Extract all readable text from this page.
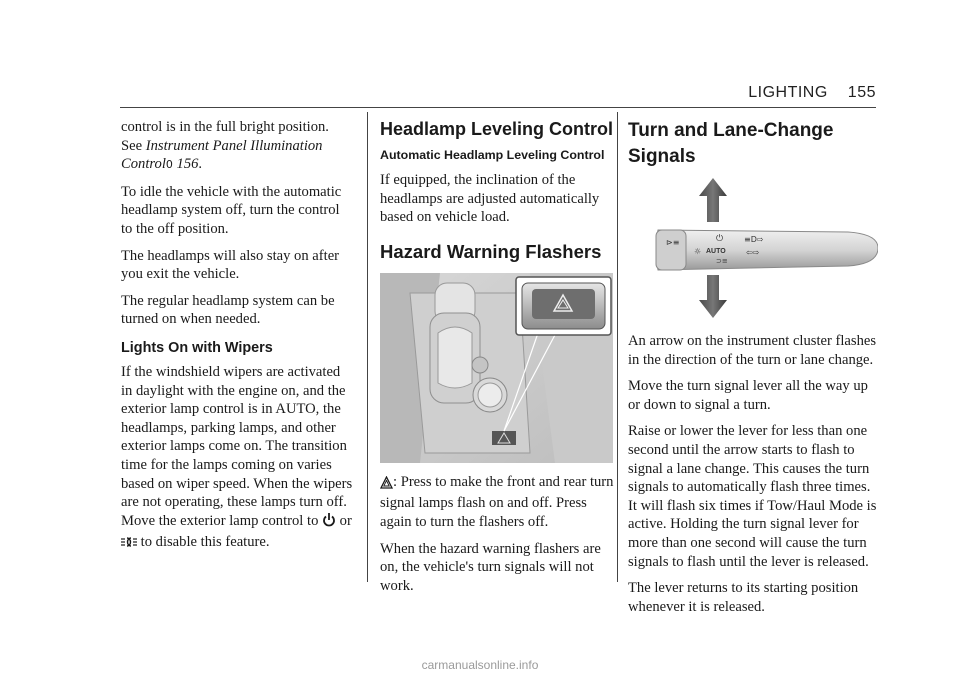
LIGHTING 155

control is in the full bright position. See Instrument Panel Illumination Control0 156.

To idle the vehicle with the automatic headlamp system off, turn the control to the off position.

The headlamps will also stay on after you exit the vehicle.

The regular headlamp system can be turned on when needed.

Lights On with Wipers

If the windshield wipers are activated in daylight with the engine on, and the exterior lamp control is in AUTO, the headlamps, parking lamps, and other exterior lamps come on. The transition time for the lamps coming on varies based on wiper speed. When the wipers are not operating, these lamps turn off. Move the exterior lamp control to  or  to disable this feature.

Headlamp Leveling Control
Automatic Headlamp Leveling Control

If equipped, the inclination of the headlamps are adjusted automatically based on vehicle load.

Hazard Warning Flashers

: Press to make the front and rear turn signal lamps flash on and off. Press again to turn the flashers off.

When the hazard warning flashers are on, the vehicle's turn signals will not work.

Turn and Lane-Change Signals
⊳≡	⏻
☼ AUTO
⊃≡
≡D⇨
⇦⇨

An arrow on the instrument cluster flashes in the direction of the turn or lane change.

Move the turn signal lever all the way up or down to signal a turn.

Raise or lower the lever for less than one second until the arrow starts to flash to signal a lane change. This causes the turn signals to automatically flash three times. It will flash six times if Tow/Haul Mode is active. Holding the turn signal lever for more than one second will cause the turn signals to flash until the lever is released.

The lever returns to its starting position whenever it is released.

carmanualsonline.info
